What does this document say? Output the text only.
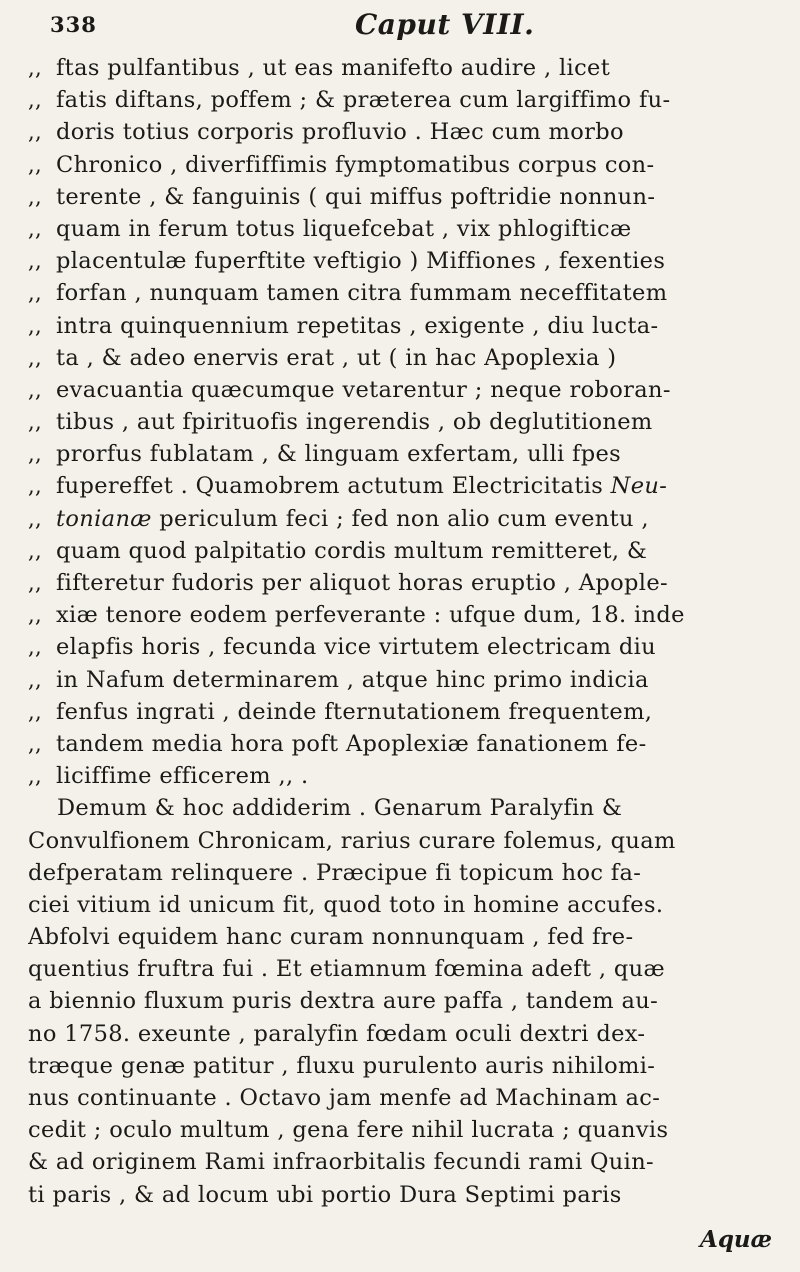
338	Caput VIII.
,, ftas pulfantibus , ut eas manifefto audire , licet
,, fatis diftans, poffem ; & præterea cum largiffimo fu-
,, doris totius corporis profluvio . Hæc cum morbo
,, Chronico , diverfiffimis fymptomatibus corpus con-
,, terente , & fanguinis ( qui miffus poftridie nonnun-
,, quam in ferum totus liquefcebat , vix phlogifticæ
,, placentulæ fuperftite veftigio ) Miffiones , fexenties
,, forfan , nunquam tamen citra fummam neceffitatem
,, intra quinquennium repetitas , exigente , diu lucta-
,, ta , & adeo enervis erat , ut ( in hac Apoplexia )
,, evacuantia quæcumque vetarentur ; neque roboran-
,, tibus , aut fpirituofis ingerendis , ob deglutitionem
,, prorfus fublatam , & linguam exfertam, ulli fpes
,, fupereffet . Quamobrem actutum Electricitatis Neu-
,, tonianæ periculum feci ; fed non alio cum eventu ,
,, quam quod palpitatio cordis multum remitteret, &
,, fifteretur fudoris per aliquot horas eruptio , Apople-
,, xiæ tenore eodem perfeverante : ufque dum, 18. inde
,, elapfis horis , fecunda vice virtutem electricam diu
,, in Nafum determinarem , atque hinc primo indicia
,, fenfus ingrati , deinde fternutationem frequentem,
,, tandem media hora poft Apoplexiæ fanationem fe-
,, liciffime efficerem ,, .
Demum & hoc addiderim . Genarum Paralyfin &
Convulfionem Chronicam, rarius curare folemus, quam
defperatam relinquere . Præcipue fi topicum hoc fa-
ciei vitium id unicum fit, quod toto in homine accufes.
Abfolvi equidem hanc curam nonnunquam , fed fre-
quentius fruftra fui . Et etiamnum fœmina adeft , quæ
a biennio fluxum puris dextra aure paffa , tandem au-
no 1758. exeunte , paralyfin fœdam oculi dextri dex-
træque genæ patitur , fluxu purulento auris nihilomi-
nus continuante . Octavo jam menfe ad Machinam ac-
cedit ; oculo multum , gena fere nihil lucrata ; quanvis
& ad originem Rami infraorbitalis fecundi rami Quin-
ti paris , & ad locum ubi portio Dura Septimi paris
Aquæ
